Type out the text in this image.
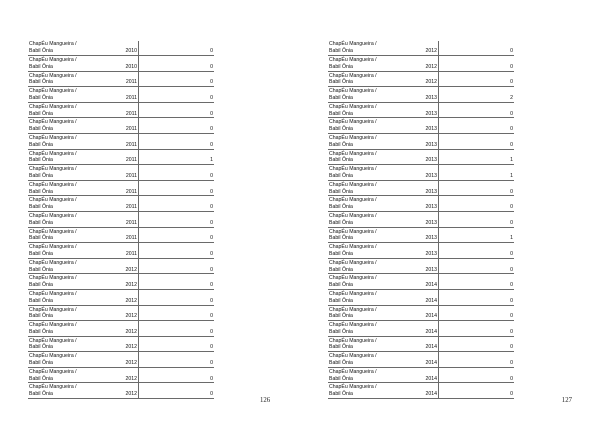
ChapÉu Mangueira /
Babil Ônia	2010	0

ChapÉu Mangueira /
Babil Ônia	2010	0

ChapÉu Mangueira /
Babil Ônia	2011	0

ChapÉu Mangueira /
Babil Ônia	2011	0

ChapÉu Mangueira /
Babil Ônia	2011	0

ChapÉu Mangueira /
Babil Ônia	2011	0

ChapÉu Mangueira /
Babil Ônia	2011	0

ChapÉu Mangueira /
Babil Ônia	2011	1

ChapÉu Mangueira /
Babil Ônia	2011	0

ChapÉu Mangueira /
Babil Ônia	2011	0

ChapÉu Mangueira /
Babil Ônia	2011	0

ChapÉu Mangueira /
Babil Ônia	2011	0

ChapÉu Mangueira /
Babil Ônia	2011	0

ChapÉu Mangueira /
Babil Ônia	2011	0

ChapÉu Mangueira /
Babil Ônia	2012	0

ChapÉu Mangueira /
Babil Ônia	2012	0

ChapÉu Mangueira /
Babil Ônia	2012	0

ChapÉu Mangueira /
Babil Ônia	2012	0

ChapÉu Mangueira /
Babil Ônia	2012	0

ChapÉu Mangueira /
Babil Ônia	2012	0

ChapÉu Mangueira /
Babil Ônia	2012	0

ChapÉu Mangueira /
Babil Ônia	2012	0

ChapÉu Mangueira /
Babil Ônia	2012	0
126
ChapÉu Mangueira /
Babil Ônia	2012	0

ChapÉu Mangueira /
Babil Ônia	2012	0

ChapÉu Mangueira /
Babil Ônia	2012	0

ChapÉu Mangueira /
Babil Ônia	2013	2

ChapÉu Mangueira /
Babil Ônia	2013	0

ChapÉu Mangueira /
Babil Ônia	2013	0

ChapÉu Mangueira /
Babil Ônia	2013	0

ChapÉu Mangueira /
Babil Ônia	2013	1

ChapÉu Mangueira /
Babil Ônia	2013	1

ChapÉu Mangueira /
Babil Ônia	2013	0

ChapÉu Mangueira /
Babil Ônia	2013	0

ChapÉu Mangueira /
Babil Ônia	2013	0

ChapÉu Mangueira /
Babil Ônia	2013	1

ChapÉu Mangueira /
Babil Ônia	2013	0

ChapÉu Mangueira /
Babil Ônia	2013	0

ChapÉu Mangueira /
Babil Ônia	2014	0

ChapÉu Mangueira /
Babil Ônia	2014	0

ChapÉu Mangueira /
Babil Ônia	2014	0

ChapÉu Mangueira /
Babil Ônia	2014	0

ChapÉu Mangueira /
Babil Ônia	2014	0

ChapÉu Mangueira /
Babil Ônia	2014	0

ChapÉu Mangueira /
Babil Ônia	2014	0

ChapÉu Mangueira /
Babil Ônia	2014	0
127
